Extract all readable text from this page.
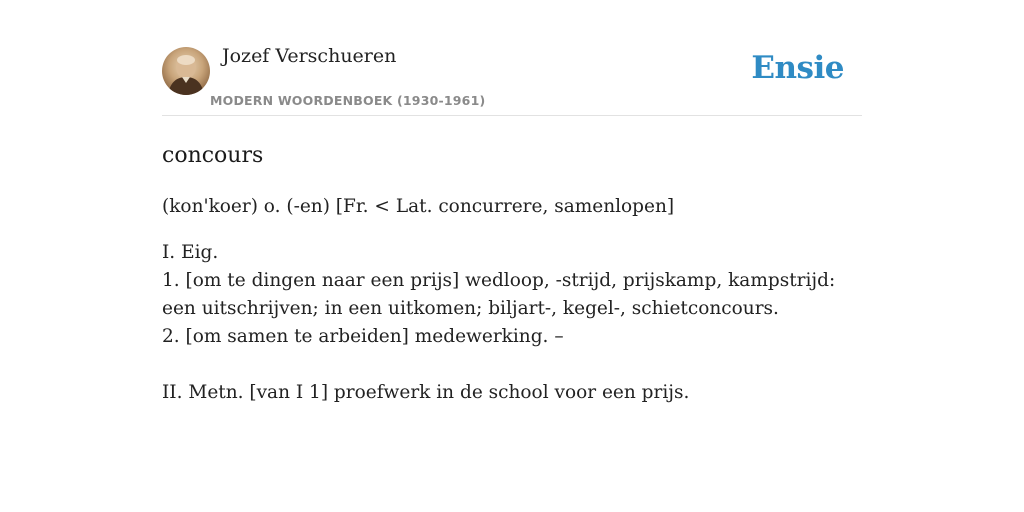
Jozef Verschueren
MODERN WOORDENBOEK (1930-1961)
Ensie
concours

(kon'koer) o. (-en) [Fr. < Lat. concurrere, samenlopen]

I. Eig.

1. [om te dingen naar een prijs] wedloop, -strijd, prijskamp, kampstrijd: een uitschrijven; in een uitkomen; biljart-, kegel-, schietconcours.

2. [om samen te arbeiden] medewerking. –

II. Metn. [van I 1] proefwerk in de school voor een prijs.
